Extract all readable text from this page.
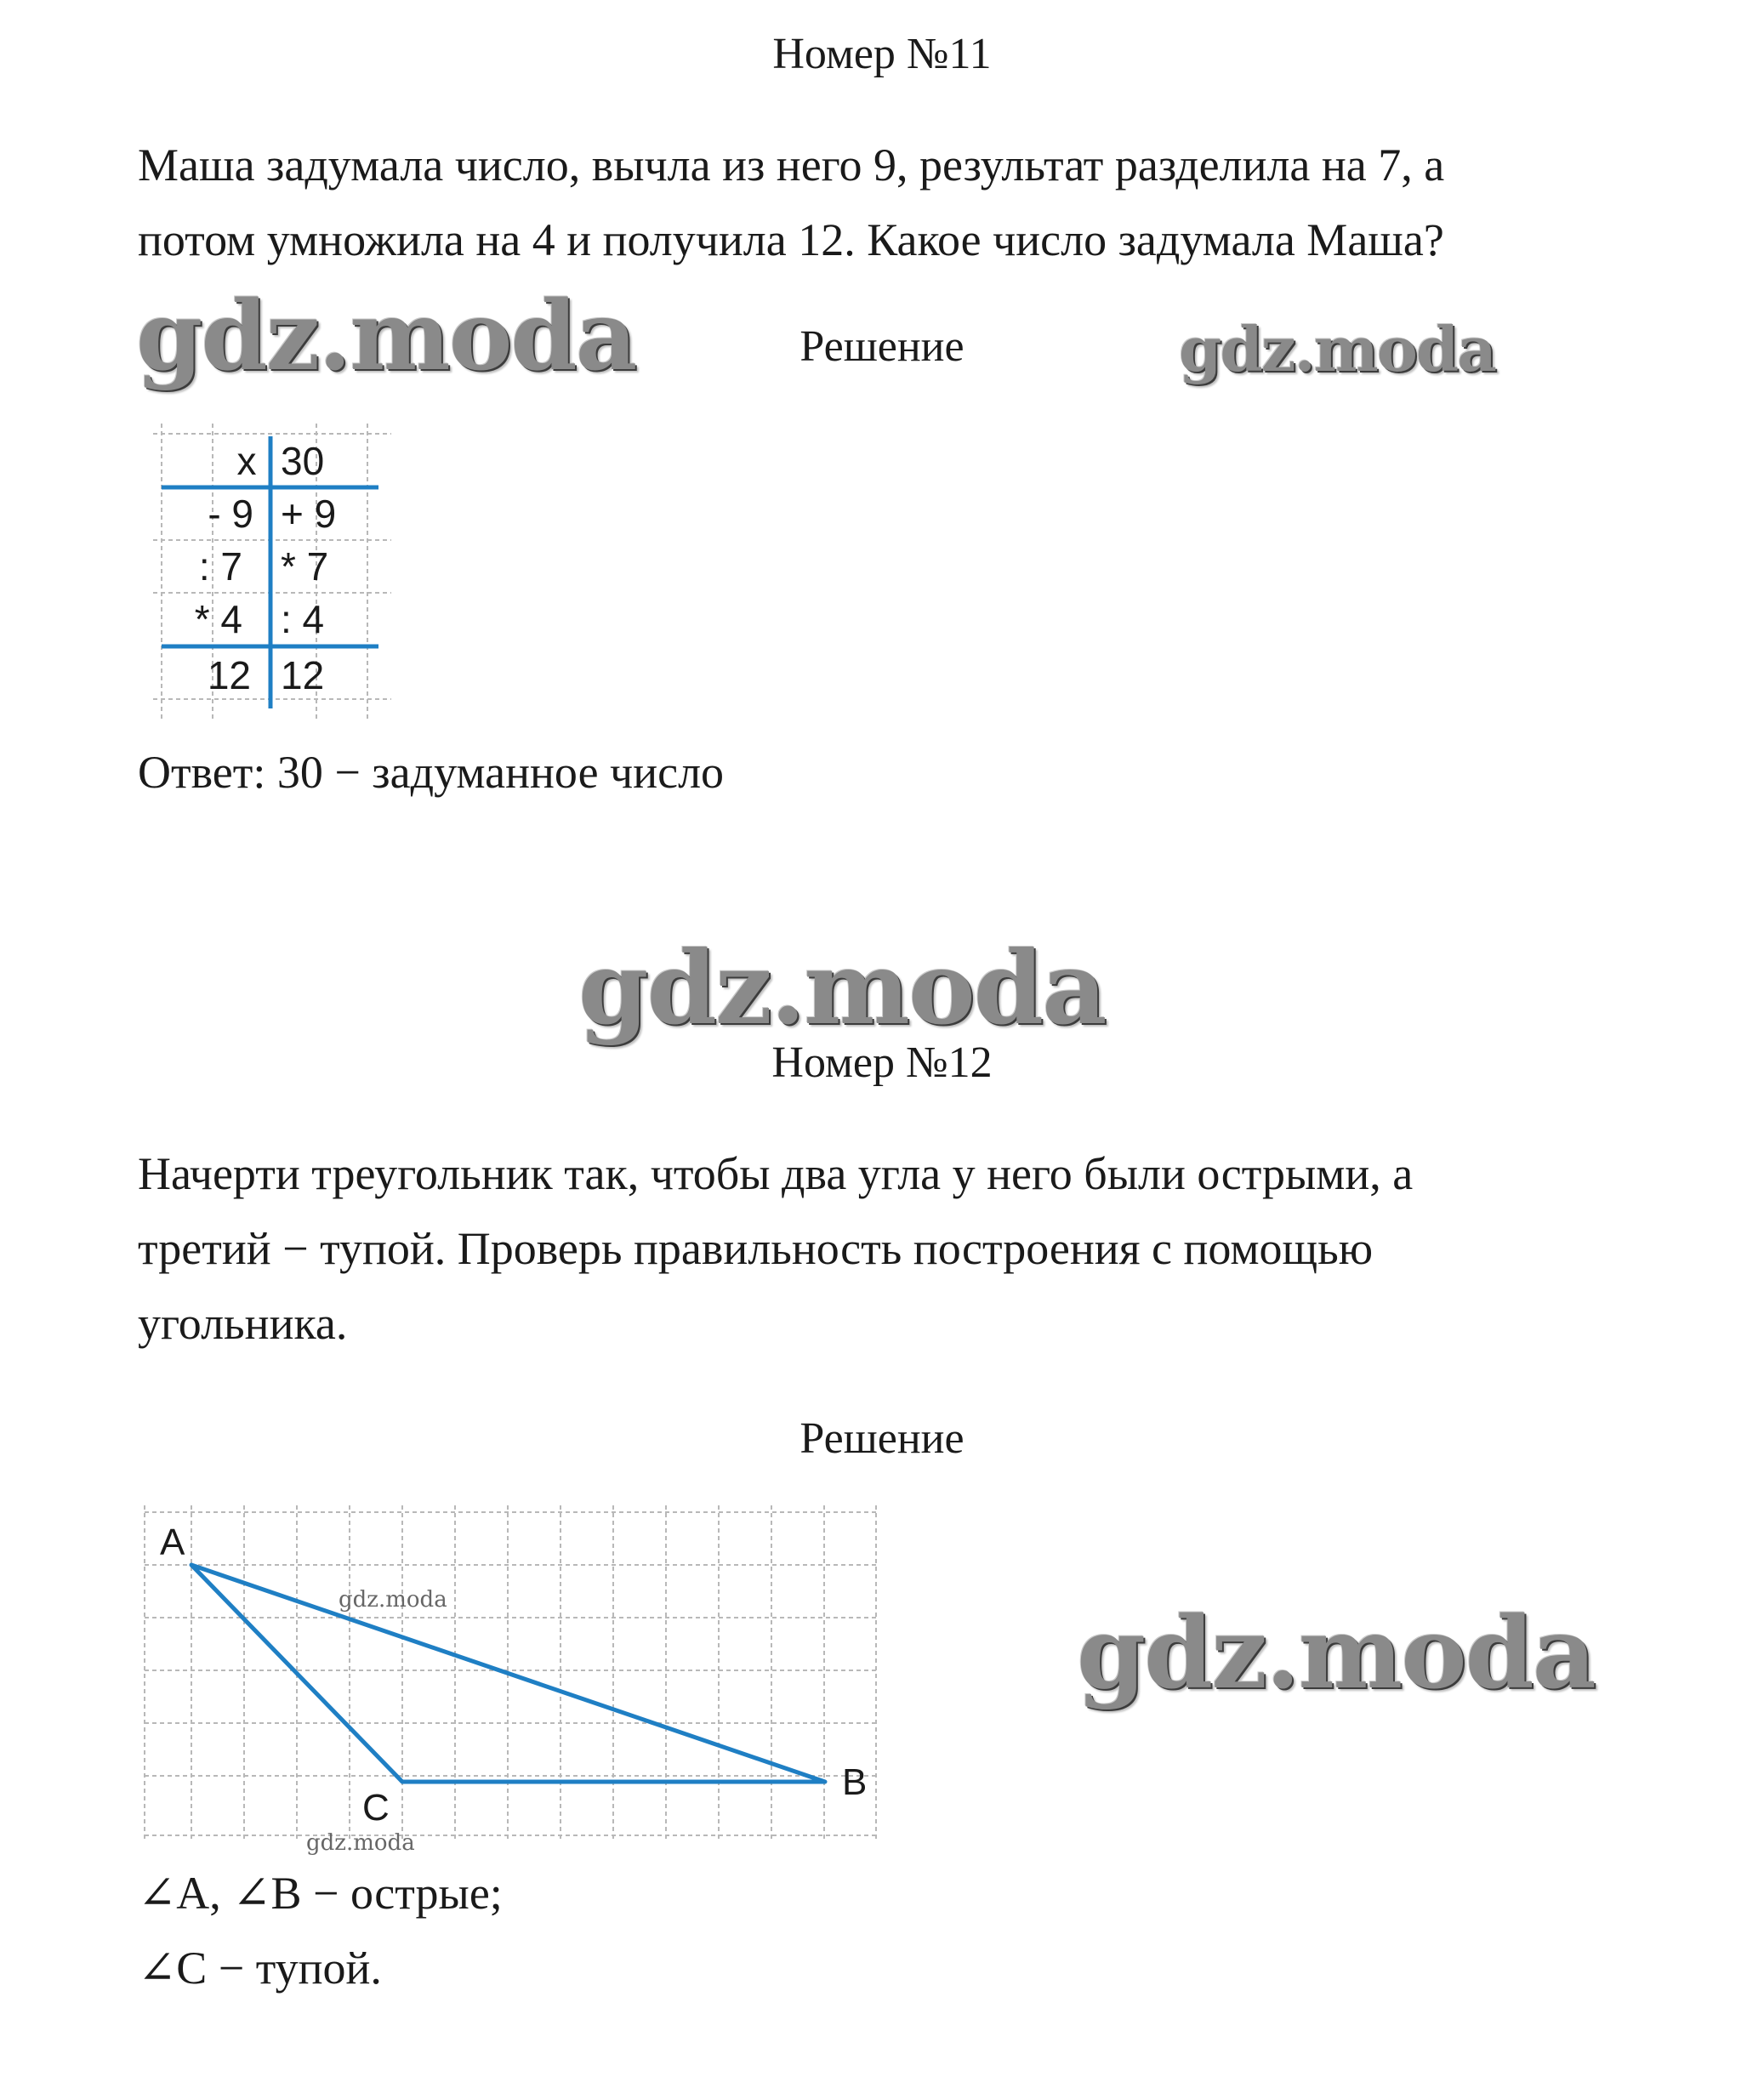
Номер №11
Маша задумала число, вычла из него 9, результат разделила на 7, а
потом умножила на 4 и получила 12. Какое число задумала Маша?
gdz.moda	Решение	gdz.moda
x 30
- 9 + 9
: 7 * 7
* 4 : 4
12 12
Ответ: 30 − задуманное число
gdz.moda
Номер №12
Начерти треугольник так, чтобы два угла у него были острыми, а
третий − тупой. Проверь правильность построения с помощью
угольника.
Решение
A
B
C
gdz.moda
gdz.moda
gdz.moda
∠A, ∠B − острые;
∠C − тупой.
